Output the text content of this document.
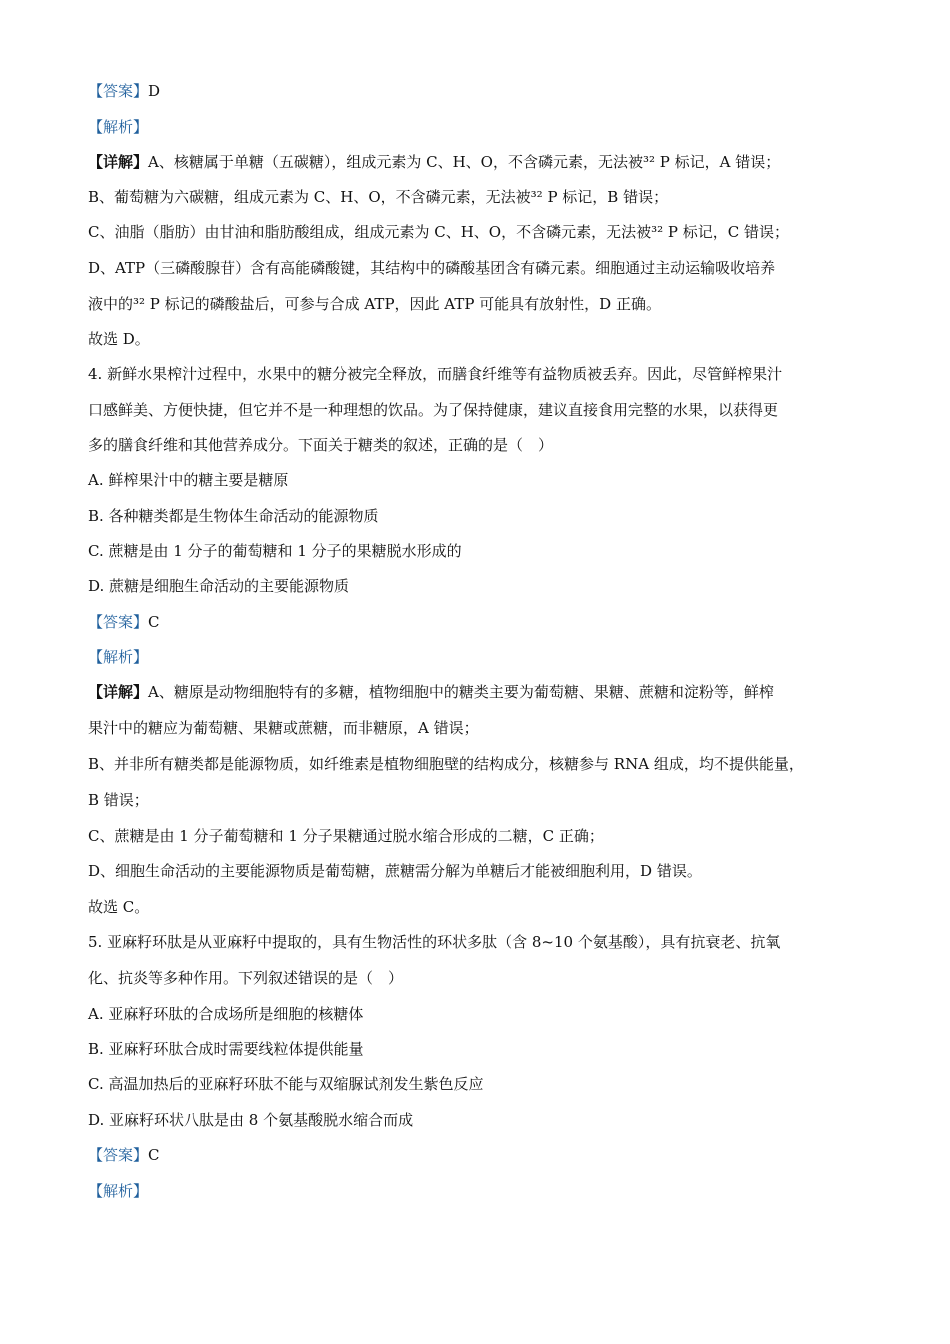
【答案】D
【解析】
【详解】A、核糖属于单糖（五碳糖），组成元素为 C、H、O，不含磷元素，无法被³² P 标记，A 错误；
B、葡萄糖为六碳糖，组成元素为 C、H、O，不含磷元素，无法被³² P 标记，B 错误；
C、油脂（脂肪）由甘油和脂肪酸组成，组成元素为 C、H、O，不含磷元素，无法被³² P 标记，C 错误；
D、ATP（三磷酸腺苷）含有高能磷酸键，其结构中的磷酸基团含有磷元素。细胞通过主动运输吸收培养
液中的³² P 标记的磷酸盐后，可参与合成 ATP，因此 ATP 可能具有放射性，D 正确。
故选 D。
4. 新鲜水果榨汁过程中，水果中的糖分被完全释放，而膳食纤维等有益物质被丢弃。因此，尽管鲜榨果汁
口感鲜美、方便快捷，但它并不是一种理想的饮品。为了保持健康，建议直接食用完整的水果，以获得更
多的膳食纤维和其他营养成分。下面关于糖类的叙述，正确的是（　）
A. 鲜榨果汁中的糖主要是糖原
B. 各种糖类都是生物体生命活动的能源物质
C. 蔗糖是由 1 分子的葡萄糖和 1 分子的果糖脱水形成的
D. 蔗糖是细胞生命活动的主要能源物质
【答案】C
【解析】
【详解】A、糖原是动物细胞特有的多糖，植物细胞中的糖类主要为葡萄糖、果糖、蔗糖和淀粉等，鲜榨
果汁中的糖应为葡萄糖、果糖或蔗糖，而非糖原，A 错误；
B、并非所有糖类都是能源物质，如纤维素是植物细胞壁的结构成分，核糖参与 RNA 组成，均不提供能量，
B 错误；
C、蔗糖是由 1 分子葡萄糖和 1 分子果糖通过脱水缩合形成的二糖，C 正确；
D、细胞生命活动的主要能源物质是葡萄糖，蔗糖需分解为单糖后才能被细胞利用，D 错误。
故选 C。
5. 亚麻籽环肽是从亚麻籽中提取的，具有生物活性的环状多肽（含 8~10 个氨基酸），具有抗衰老、抗氧
化、抗炎等多种作用。下列叙述错误的是（　）
A. 亚麻籽环肽的合成场所是细胞的核糖体
B. 亚麻籽环肽合成时需要线粒体提供能量
C. 高温加热后的亚麻籽环肽不能与双缩脲试剂发生紫色反应
D. 亚麻籽环状八肽是由 8 个氨基酸脱水缩合而成
【答案】C
【解析】
